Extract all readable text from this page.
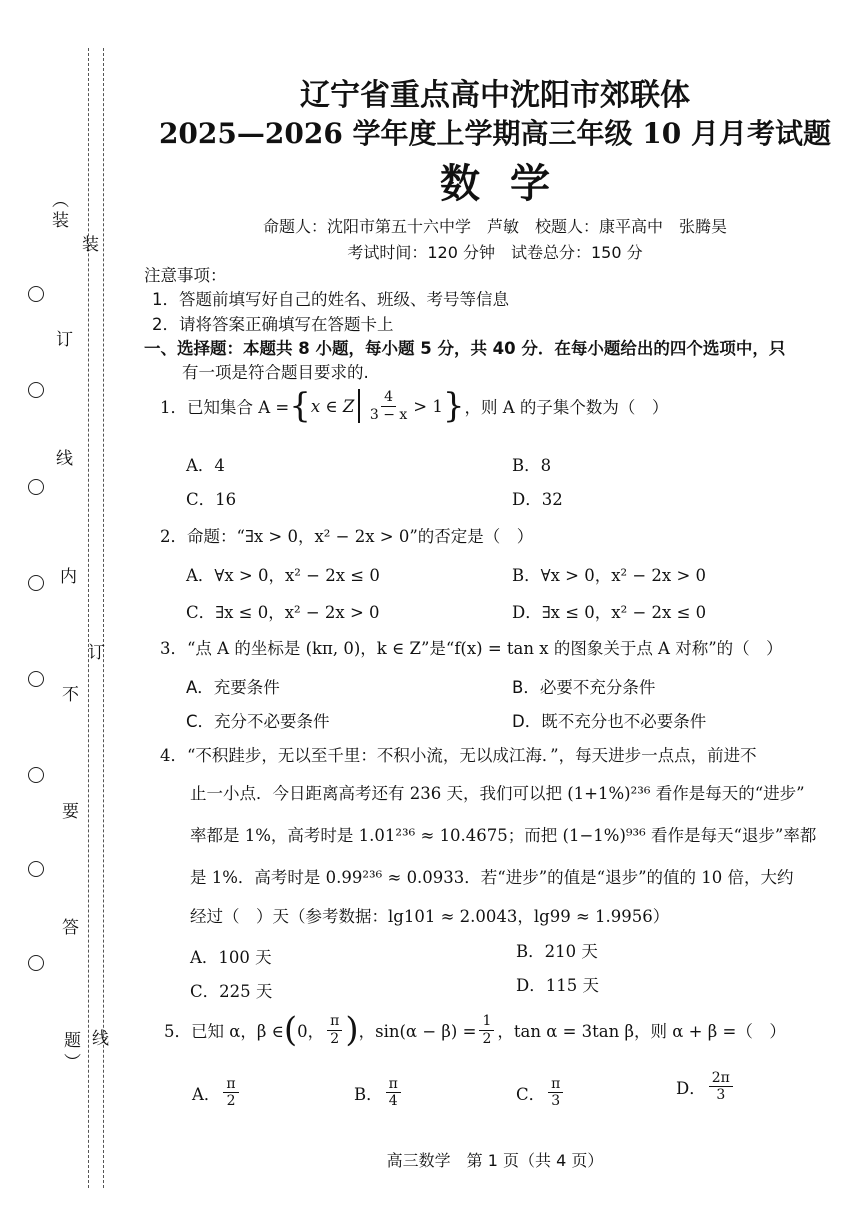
︵
装
装
订
线
内
订
不
要
答
题 线
︶
辽宁省重点高中沈阳市郊联体
2025—2026 学年度上学期高三年级 10 月月考试题
数学
命题人：沈阳市第五十六中学　芦敏　校题人：康平高中　张腾昊
考试时间：120 分钟　试卷总分：150 分
注意事项：
1．答题前填写好自己的姓名、班级、考号等信息
2．请将答案正确填写在答题卡上
一、选择题：本题共 8 小题，每小题 5 分，共 40 分．在每小题给出的四个选项中，只
有一项是符合题目要求的.
1．已知集合 A = { x ∈ Z $\frac{4}{3 - x} > 1$ } ，则 A 的子集个数为（　）
A．4	B．8
C．16	D．32
2．命题：“∃x > 0，x² − 2x > 0”的否定是（　）
A．∀x > 0，x² − 2x ≤ 0	B．∀x > 0，x² − 2x > 0
C．∃x ≤ 0，x² − 2x > 0	D．∃x ≤ 0，x² − 2x ≤ 0
3．“点 A 的坐标是 (kπ, 0)，k ∈ Z”是“f(x) = tan x 的图象关于点 A 对称”的（　）
A．充要条件	B．必要不充分条件
C．充分不必要条件	D．既不充分也不必要条件
4．“不积跬步，无以至千里：不积小流，无以成江海．”，每天进步一点点，前进不
止一小点．今日距离高考还有 236 天，我们可以把 (1+1%)²³⁶ 看作是每天的“进步”
率都是 1%，高考时是 1.01²³⁶ ≈ 10.4675；而把 (1−1%)⁹³⁶ 看作是每天“退步”率都
是 1%．高考时是 0.99²³⁶ ≈ 0.0933．若“进步”的值是“退步”的值的 10 倍，大约
经过（　）天（参考数据：lg101 ≈ 2.0043，lg99 ≈ 1.9956）
A．100 天	B．210 天
C．225 天	D．115 天
5．已知 α，β ∈ ( 0， $\frac{\pi}{2}$ ) ，$\sin(\alpha - \beta) = \frac{1}{2}$ ，tan α = 3tan β，则 α + β =（　）
A． $\frac{\pi}{2}$	B． $\frac{\pi}{4}$	C． $\frac{\pi}{3}$	D． $\frac{2\pi}{3}$
高三数学　第 1 页（共 4 页）
